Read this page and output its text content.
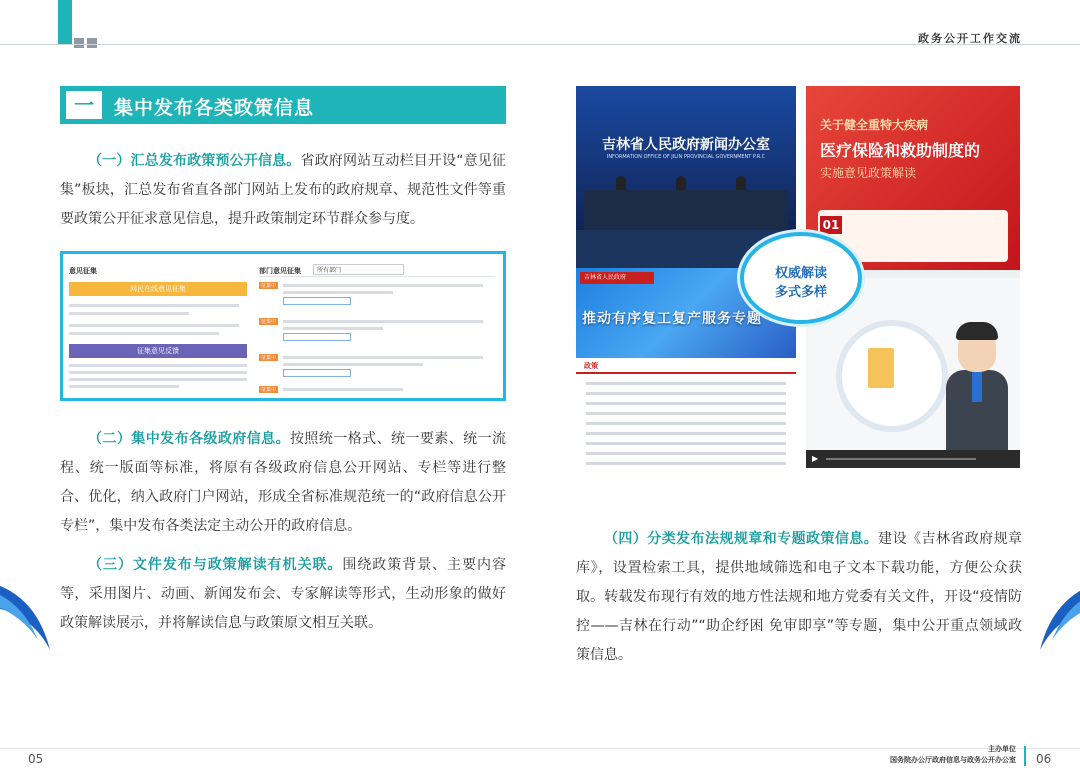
政务公开工作交流
一	集中发布各类政策信息
（一）汇总发布政策预公开信息。省政府网站互动栏目开设“意见征集”板块，汇总发布省直各部门网站上发布的政府规章、规范性文件等重要政策公开征求意见信息，提升政策制定环节群众参与度。
意见征集
网民在线意见征集
征集意见反馈
部门意见征集	所有部门
征集中
征集中
征集中
征集中
（二）集中发布各级政府信息。按照统一格式、统一要素、统一流程、统一版面等标准，将原有各级政府信息公开网站、专栏等进行整合、优化，纳入政府门户网站，形成全省标准规范统一的“政府信息公开专栏”，集中发布各类法定主动公开的政府信息。
（三）文件发布与政策解读有机关联。围绕政策背景、主要内容等，采用图片、动画、新闻发布会、专家解读等形式，生动形象的做好政策解读展示，并将解读信息与政策原文相互关联。
吉林省人民政府新闻办公室
INFORMATION OFFICE OF JILIN PROVINCIAL GOVERNMENT P.R.C
关于健全重特大疾病
医疗保险和救助制度的
实施意见政策解读
01
吉林省人民政府
推动有序复工复产服务专题
政策
▶
权威解读
多式多样
（四）分类发布法规规章和专题政策信息。建设《吉林省政府规章库》，设置检索工具，提供地域筛选和电子文本下载功能，方便公众获取。转载发布现行有效的地方性法规和地方党委有关文件，开设“疫情防控——吉林在行动”“助企纾困 免审即享”等专题，集中公开重点领域政策信息。
05
主办单位
国务院办公厅政府信息与政务公开办公室 06
